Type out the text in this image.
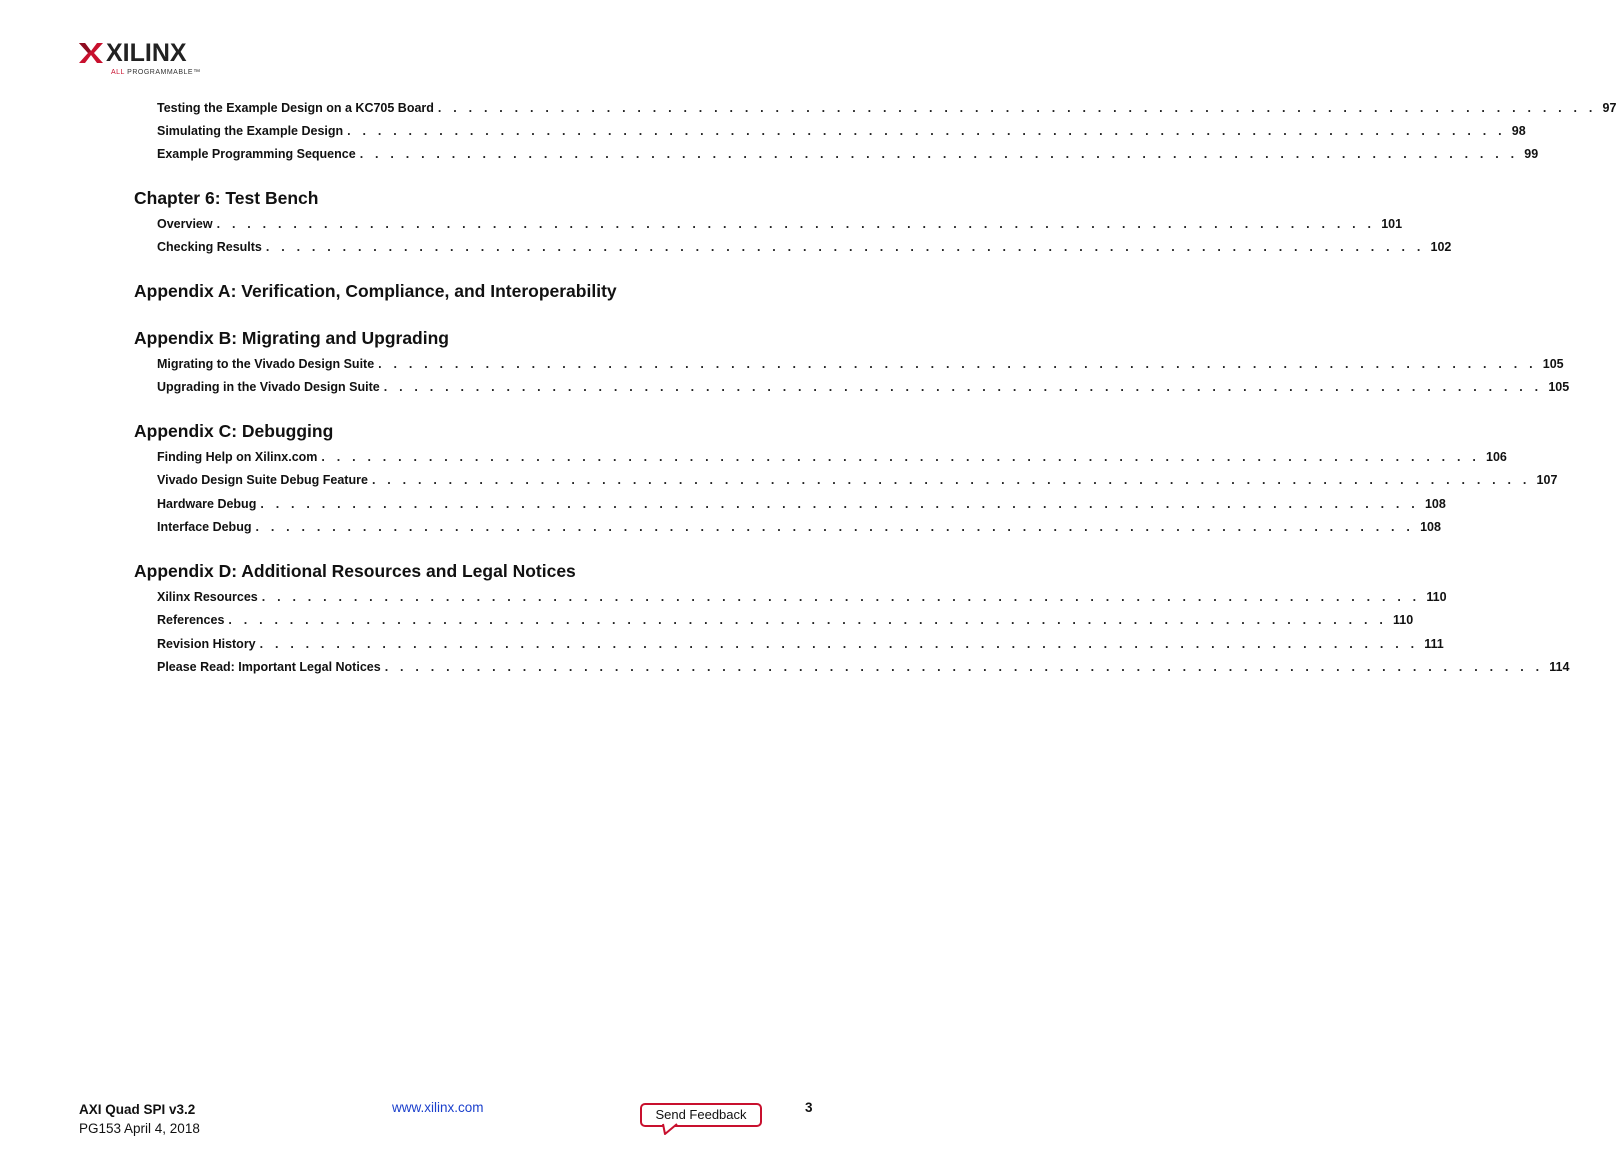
XILINX
ALL PROGRAMMABLE™
Testing the Example Design on a KC705 Board . . . . . . . . . . . . . . . . . . . . . . . . . . . . . . . . . . . . . . . . . . . . . . . . . . . . . . . . . . . . . . . . . . . . . . . . . . . . 97
Simulating the Example Design . . . . . . . . . . . . . . . . . . . . . . . . . . . . . . . . . . . . . . . . . . . . . . . . . . . . . . . . . . . . . . . . . . . . . . . . . . . . 98
Example Programming Sequence . . . . . . . . . . . . . . . . . . . . . . . . . . . . . . . . . . . . . . . . . . . . . . . . . . . . . . . . . . . . . . . . . . . . . . . . . . . . 99
Chapter 6: Test Bench
Overview . . . . . . . . . . . . . . . . . . . . . . . . . . . . . . . . . . . . . . . . . . . . . . . . . . . . . . . . . . . . . . . . . . . . . . . . . . . . 101
Checking Results . . . . . . . . . . . . . . . . . . . . . . . . . . . . . . . . . . . . . . . . . . . . . . . . . . . . . . . . . . . . . . . . . . . . . . . . . . . . 102
Appendix A: Verification, Compliance, and Interoperability
Appendix B: Migrating and Upgrading
Migrating to the Vivado Design Suite . . . . . . . . . . . . . . . . . . . . . . . . . . . . . . . . . . . . . . . . . . . . . . . . . . . . . . . . . . . . . . . . . . . . . . . . . . . . 105
Upgrading in the Vivado Design Suite . . . . . . . . . . . . . . . . . . . . . . . . . . . . . . . . . . . . . . . . . . . . . . . . . . . . . . . . . . . . . . . . . . . . . . . . . . . . 105
Appendix C: Debugging
Finding Help on Xilinx.com . . . . . . . . . . . . . . . . . . . . . . . . . . . . . . . . . . . . . . . . . . . . . . . . . . . . . . . . . . . . . . . . . . . . . . . . . . . . 106
Vivado Design Suite Debug Feature . . . . . . . . . . . . . . . . . . . . . . . . . . . . . . . . . . . . . . . . . . . . . . . . . . . . . . . . . . . . . . . . . . . . . . . . . . . . 107
Hardware Debug . . . . . . . . . . . . . . . . . . . . . . . . . . . . . . . . . . . . . . . . . . . . . . . . . . . . . . . . . . . . . . . . . . . . . . . . . . . . 108
Interface Debug . . . . . . . . . . . . . . . . . . . . . . . . . . . . . . . . . . . . . . . . . . . . . . . . . . . . . . . . . . . . . . . . . . . . . . . . . . . . 108
Appendix D: Additional Resources and Legal Notices
Xilinx Resources . . . . . . . . . . . . . . . . . . . . . . . . . . . . . . . . . . . . . . . . . . . . . . . . . . . . . . . . . . . . . . . . . . . . . . . . . . . . 110
References . . . . . . . . . . . . . . . . . . . . . . . . . . . . . . . . . . . . . . . . . . . . . . . . . . . . . . . . . . . . . . . . . . . . . . . . . . . . 110
Revision History . . . . . . . . . . . . . . . . . . . . . . . . . . . . . . . . . . . . . . . . . . . . . . . . . . . . . . . . . . . . . . . . . . . . . . . . . . . . 111
Please Read: Important Legal Notices . . . . . . . . . . . . . . . . . . . . . . . . . . . . . . . . . . . . . . . . . . . . . . . . . . . . . . . . . . . . . . . . . . . . . . . . . . . . 114
AXI Quad SPI v3.2
PG153 April 4, 2018
www.xilinx.com	Send Feedback	3
